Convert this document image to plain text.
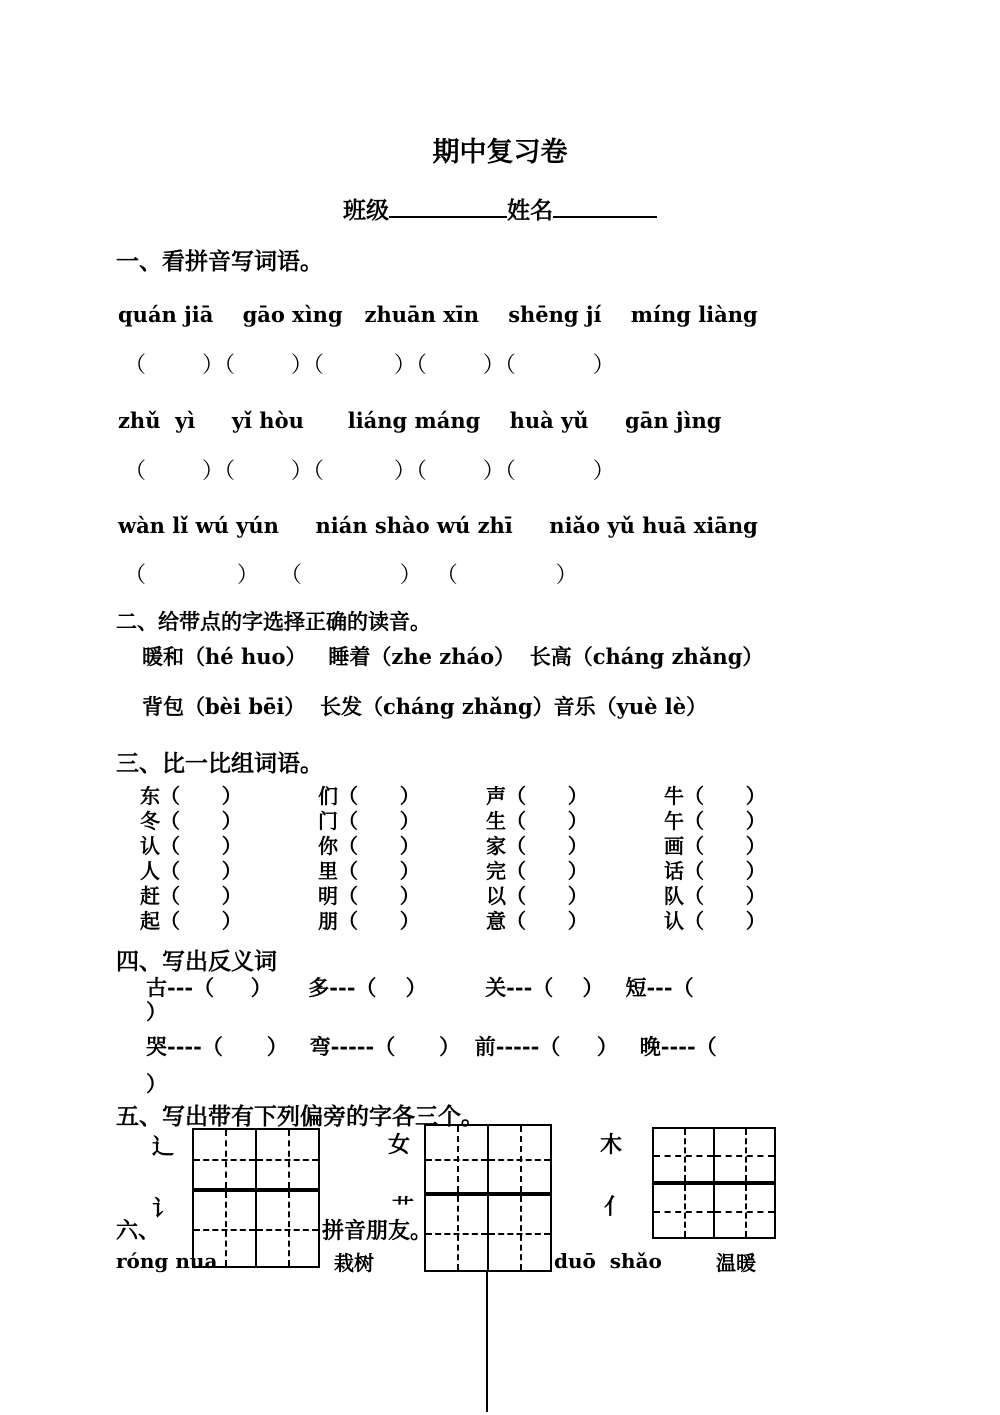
期中复习卷
班级	姓名
一、看拼音写词语。
quán jiā    gāo xìng   zhuān xīn    shēng jí    míng liàng
（        ）（        ）（          ）（        ）（           ）
zhǔ  yì     yǐ hòu      liáng máng    huà yǔ     gān jìng
（        ）（        ）（          ）（        ）（           ）
wàn lǐ wú yún     nián shào wú zhī     niǎo yǔ huā xiāng
（             ）   （              ）  （              ）
二、给带点的字选择正确的读音。
暖和（hé huo）   睡着（zhe zháo）  长高（cháng zhǎng）
背包（bèi bēi）  长发（cháng zhǎng）音乐（yuè lè）
三、比一比组词语。
东（      ）	们（      ）	声（      ）	牛（      ）
冬（      ）	门（      ）	生（      ）	午（      ）
认（      ）	你（      ）	家（      ）	画（      ）
人（      ）	里（      ）	完（      ）	话（      ）
赶（      ）	明（      ）	以（      ）	队（      ）
起（      ）	朋（      ）	意（      ）	认（      ）
四、写出反义词
古---（     ）     多---（    ）        关---（    ）   短---（
）
哭----（      ）   弯-----（      ）  前-----（     ）   晚----（
）
五、写出带有下列偏旁的字各三个。
辶
讠
女
艹
木
亻
六、	拼音朋友。
róng nua	栽树	duō  shǎo	温暖
